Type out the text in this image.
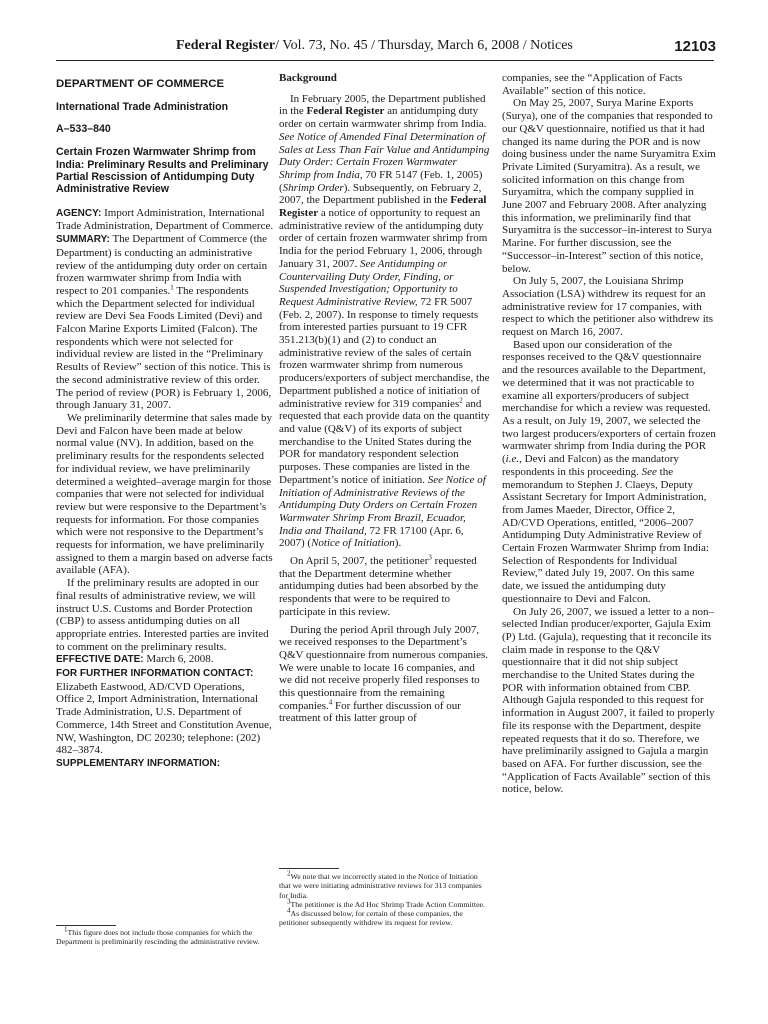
Federal Register/ Vol. 73, No. 45 / Thursday, March 6, 2008 / Notices	12103

DEPARTMENT OF COMMERCE

International Trade Administration

A–533–840

Certain Frozen Warmwater Shrimp from India: Preliminary Results and Preliminary Partial Rescission of Antidumping Duty Administrative Review

AGENCY: Import Administration, International Trade Administration, Department of Commerce.

SUMMARY: The Department of Commerce (the Department) is conducting an administrative review of the antidumping duty order on certain frozen warmwater shrimp from India with respect to 201 companies.$^1$ The respondents which the Department selected for individual review are Devi Sea Foods Limited (Devi) and Falcon Marine Exports Limited (Falcon). The respondents which were not selected for individual review are listed in the “Preliminary Results of Review” section of this notice. This is the second administrative review of this order. The period of review (POR) is February 1, 2006, through January 31, 2007.

We preliminarily determine that sales made by Devi and Falcon have been made at below normal value (NV). In addition, based on the preliminary results for the respondents selected for individual review, we have preliminarily determined a weighted–average margin for those companies that were not selected for individual review but were responsive to the Department’s requests for information. For those companies which were not responsive to the Department’s requests for information, we have preliminarily assigned to them a margin based on adverse facts available (AFA).

If the preliminary results are adopted in our final results of administrative review, we will instruct U.S. Customs and Border Protection (CBP) to assess antidumping duties on all appropriate entries. Interested parties are invited to comment on the preliminary results.

EFFECTIVE DATE: March 6, 2008.

FOR FURTHER INFORMATION CONTACT:
Elizabeth Eastwood, AD/CVD Operations, Office 2, Import Administration, International Trade Administration, U.S. Department of Commerce, 14th Street and Constitution Avenue, NW, Washington, DC 20230; telephone: (202) 482–3874.

SUPPLEMENTARY INFORMATION:

$^1$This figure does not include those companies for which the Department is preliminarily rescinding the administrative review.

Background

In February 2005, the Department published in the Federal Register an antidumping duty order on certain warmwater shrimp from India. See Notice of Amended Final Determination of Sales at Less Than Fair Value and Antidumping Duty Order: Certain Frozen Warmwater Shrimp from India, 70 FR 5147 (Feb. 1, 2005) (Shrimp Order). Subsequently, on February 2, 2007, the Department published in the Federal Register a notice of opportunity to request an administrative review of the antidumping duty order of certain frozen warmwater shrimp from India for the period February 1, 2006, through January 31, 2007. See Antidumping or Countervailing Duty Order, Finding, or Suspended Investigation; Opportunity to Request Administrative Review, 72 FR 5007 (Feb. 2, 2007). In response to timely requests from interested parties pursuant to 19 CFR 351.213(b)(1) and (2) to conduct an administrative review of the sales of certain frozen warmwater shrimp from numerous producers/exporters of subject merchandise, the Department published a notice of initiation of administrative review for 319 companies$^2$ and requested that each provide data on the quantity and value (Q&V) of its exports of subject merchandise to the United States during the POR for mandatory respondent selection purposes. These companies are listed in the Department’s notice of initiation. See Notice of Initiation of Administrative Reviews of the Antidumping Duty Orders on Certain Frozen Warmwater Shrimp From Brazil, Ecuador, India and Thailand, 72 FR 17100 (Apr. 6, 2007) (Notice of Initiation).

On April 5, 2007, the petitioner$^3$ requested that the Department determine whether antidumping duties had been absorbed by the respondents that were to be required to participate in this review.

During the period April through July 2007, we received responses to the Department’s Q&V questionnaire from numerous companies. We were unable to locate 16 companies, and we did not receive properly filed responses to this questionnaire from the remaining companies.$^4$ For further discussion of our treatment of this latter group of

$^2$We note that we incorrectly stated in the Notice of Initiation that we were initiating administrative reviews for 313 companies for India.

$^3$The petitioner is the Ad Hoc Shrimp Trade Action Committee.

$^4$As discussed below, for certain of these companies, the petitioner subsequently withdrew its request for review.

companies, see the “Application of Facts Available” section of this notice.

On May 25, 2007, Surya Marine Exports (Surya), one of the companies that responded to our Q&V questionnaire, notified us that it had changed its name during the POR and is now doing business under the name Suryamitra Exim Private Limited (Suryamitra). As a result, we solicited information on this change from Suryamitra, which the company supplied in June 2007 and February 2008. After analyzing this information, we preliminarily find that Suryamitra is the successor–in-interest to Surya Marine. For further discussion, see the “Successor–in-Interest” section of this notice, below.

On July 5, 2007, the Louisiana Shrimp Association (LSA) withdrew its request for an administrative review for 17 companies, with respect to which the petitioner also withdrew its request on March 16, 2007.

Based upon our consideration of the responses received to the Q&V questionnaire and the resources available to the Department, we determined that it was not practicable to examine all exporters/producers of subject merchandise for which a review was requested. As a result, on July 19, 2007, we selected the two largest producers/exporters of certain frozen warmwater shrimp from India during the POR (i.e., Devi and Falcon) as the mandatory respondents in this proceeding. See the memorandum to Stephen J. Claeys, Deputy Assistant Secretary for Import Administration, from James Maeder, Director, Office 2, AD/CVD Operations, entitled, “2006–2007 Antidumping Duty Administrative Review of Certain Frozen Warmwater Shrimp from India: Selection of Respondents for Individual Review,” dated July 19, 2007. On this same date, we issued the antidumping duty questionnaire to Devi and Falcon.

On July 26, 2007, we issued a letter to a non–selected Indian producer/exporter, Gajula Exim (P) Ltd. (Gajula), requesting that it reconcile its claim made in response to the Q&V questionnaire that it did not ship subject merchandise to the United States during the POR with information obtained from CBP. Although Gajula responded to this request for information in August 2007, it failed to properly file its response with the Department, despite repeated requests that it do so. Therefore, we have preliminarily assigned to Gajula a margin based on AFA. For further discussion, see the “Application of Facts Available” section of this notice, below.
